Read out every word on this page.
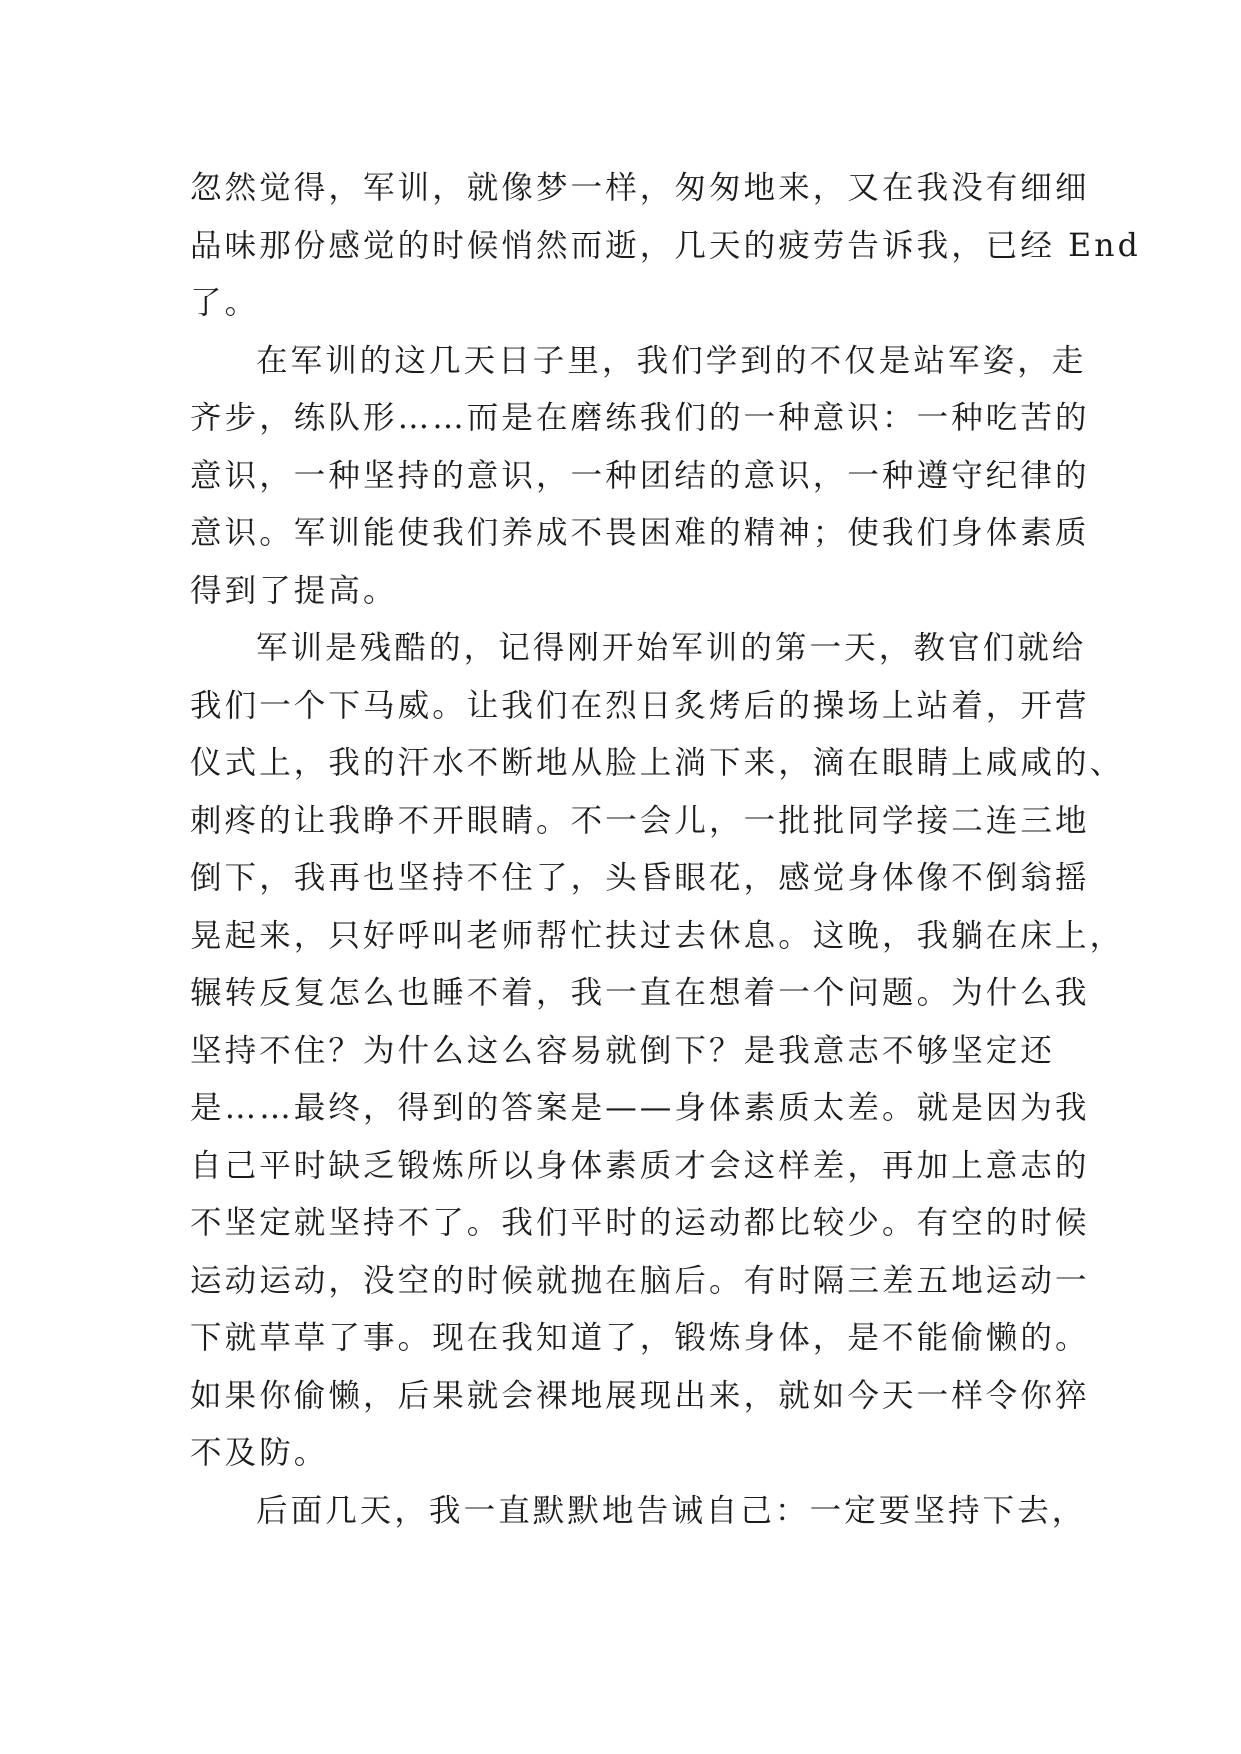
忽然觉得，军训，就像梦一样，匆匆地来，又在我没有细细
品味那份感觉的时候悄然而逝，几天的疲劳告诉我，已经 End
了。
在军训的这几天日子里，我们学到的不仅是站军姿，走
齐步，练队形……而是在磨练我们的一种意识：一种吃苦的
意识，一种坚持的意识，一种团结的意识，一种遵守纪律的
意识。军训能使我们养成不畏困难的精神；使我们身体素质
得到了提高。
军训是残酷的，记得刚开始军训的第一天，教官们就给
我们一个下马威。让我们在烈日炙烤后的操场上站着，开营
仪式上，我的汗水不断地从脸上淌下来，滴在眼睛上咸咸的、
刺疼的让我睁不开眼睛。不一会儿，一批批同学接二连三地
倒下，我再也坚持不住了，头昏眼花，感觉身体像不倒翁摇
晃起来，只好呼叫老师帮忙扶过去休息。这晚，我躺在床上，
辗转反复怎么也睡不着，我一直在想着一个问题。为什么我
坚持不住？为什么这么容易就倒下？是我意志不够坚定还
是……最终，得到的答案是——身体素质太差。就是因为我
自己平时缺乏锻炼所以身体素质才会这样差，再加上意志的
不坚定就坚持不了。我们平时的运动都比较少。有空的时候
运动运动，没空的时候就抛在脑后。有时隔三差五地运动一
下就草草了事。现在我知道了，锻炼身体，是不能偷懒的。
如果你偷懒，后果就会裸地展现出来，就如今天一样令你猝
不及防。
后面几天，我一直默默地告诫自己：一定要坚持下去，
